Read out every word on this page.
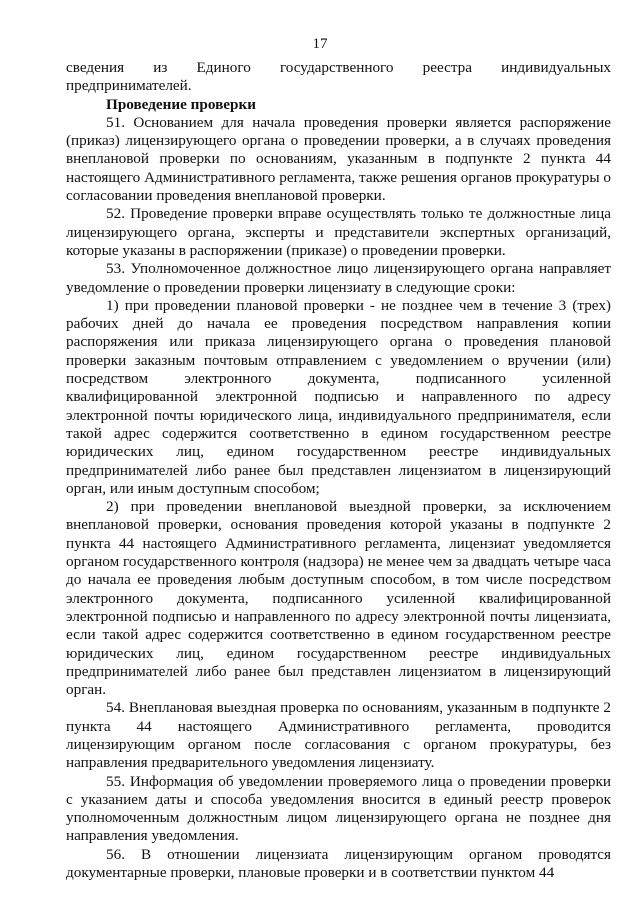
17

сведения из Единого государственного реестра индивидуальных предпринимателей.

Проведение проверки

51. Основанием для начала проведения проверки является распоряжение (приказ) лицензирующего органа о проведении проверки, а в случаях проведения внеплановой проверки по основаниям, указанным в подпункте 2 пункта 44 настоящего Административного регламента, также решения органов прокуратуры о согласовании проведения внеплановой проверки.

52. Проведение проверки вправе осуществлять только те должностные лица лицензирующего органа, эксперты и представители экспертных организаций, которые указаны в распоряжении (приказе) о проведении проверки.

53. Уполномоченное должностное лицо лицензирующего органа направляет уведомление о проведении проверки лицензиату в следующие сроки:

1) при проведении плановой проверки - не позднее чем в течение 3 (трех) рабочих дней до начала ее проведения посредством направления копии распоряжения или приказа лицензирующего органа о проведения плановой проверки заказным почтовым отправлением с уведомлением о вручении (или) посредством электронного документа, подписанного усиленной квалифицированной электронной подписью и направленного по адресу электронной почты юридического лица, индивидуального предпринимателя, если такой адрес содержится соответственно в едином государственном реестре юридических лиц, едином государственном реестре индивидуальных предпринимателей либо ранее был представлен лицензиатом в лицензирующий орган, или иным доступным способом;

2) при проведении внеплановой выездной проверки, за исключением внеплановой проверки, основания проведения которой указаны в подпункте 2 пункта 44 настоящего Административного регламента, лицензиат уведомляется органом государственного контроля (надзора) не менее чем за двадцать четыре часа до начала ее проведения любым доступным способом, в том числе посредством электронного документа, подписанного усиленной квалифицированной электронной подписью и направленного по адресу электронной почты лицензиата, если такой адрес содержится соответственно в едином государственном реестре юридических лиц, едином государственном реестре индивидуальных предпринимателей либо ранее был представлен лицензиатом в лицензирующий орган.

54. Внеплановая выездная проверка по основаниям, указанным в подпункте 2 пункта 44 настоящего Административного регламента, проводится лицензирующим органом после согласования с органом прокуратуры, без направления предварительного уведомления лицензиату.

55. Информация об уведомлении проверяемого лица о проведении проверки с указанием даты и способа уведомления вносится в единый реестр проверок уполномоченным должностным лицом лицензирующего органа не позднее дня направления уведомления.

56. В отношении лицензиата лицензирующим органом проводятся документарные проверки, плановые проверки и в соответствии пунктом 44
